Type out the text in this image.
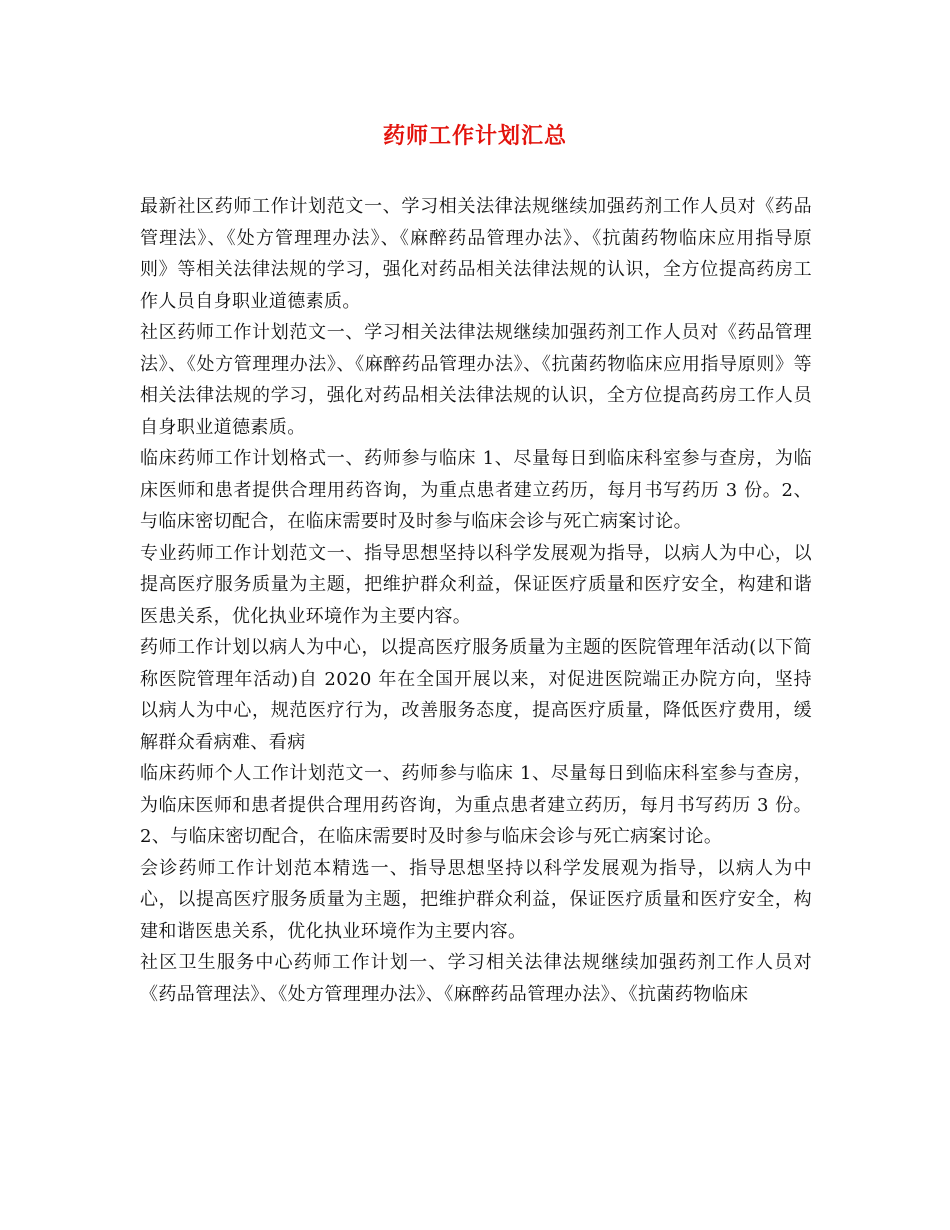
药师工作计划汇总

最新社区药师工作计划范文一、学习相关法律法规继续加强药剂工作人员对《药品管理法》、《处方管理理办法》、《麻醉药品管理办法》、《抗菌药物临床应用指导原则》等相关法律法规的学习，强化对药品相关法律法规的认识，全方位提高药房工作人员自身职业道德素质。

社区药师工作计划范文一、学习相关法律法规继续加强药剂工作人员对《药品管理法》、《处方管理理办法》、《麻醉药品管理办法》、《抗菌药物临床应用指导原则》等相关法律法规的学习，强化对药品相关法律法规的认识，全方位提高药房工作人员自身职业道德素质。

临床药师工作计划格式一、药师参与临床 1、尽量每日到临床科室参与查房，为临床医师和患者提供合理用药咨询，为重点患者建立药历，每月书写药历 3 份。2、与临床密切配合，在临床需要时及时参与临床会诊与死亡病案讨论。

专业药师工作计划范文一、指导思想坚持以科学发展观为指导，以病人为中心，以提高医疗服务质量为主题，把维护群众利益，保证医疗质量和医疗安全，构建和谐医患关系，优化执业环境作为主要内容。

药师工作计划以病人为中心，以提高医疗服务质量为主题的医院管理年活动(以下简称医院管理年活动)自 2020 年在全国开展以来，对促进医院端正办院方向，坚持以病人为中心，规范医疗行为，改善服务态度，提高医疗质量，降低医疗费用，缓解群众看病难、看病

临床药师个人工作计划范文一、药师参与临床 1、尽量每日到临床科室参与查房，为临床医师和患者提供合理用药咨询，为重点患者建立药历，每月书写药历 3 份。2、与临床密切配合，在临床需要时及时参与临床会诊与死亡病案讨论。

会诊药师工作计划范本精选一、指导思想坚持以科学发展观为指导，以病人为中心，以提高医疗服务质量为主题，把维护群众利益，保证医疗质量和医疗安全，构建和谐医患关系，优化执业环境作为主要内容。

社区卫生服务中心药师工作计划一、学习相关法律法规继续加强药剂工作人员对《药品管理法》、《处方管理理办法》、《麻醉药品管理办法》、《抗菌药物临床
